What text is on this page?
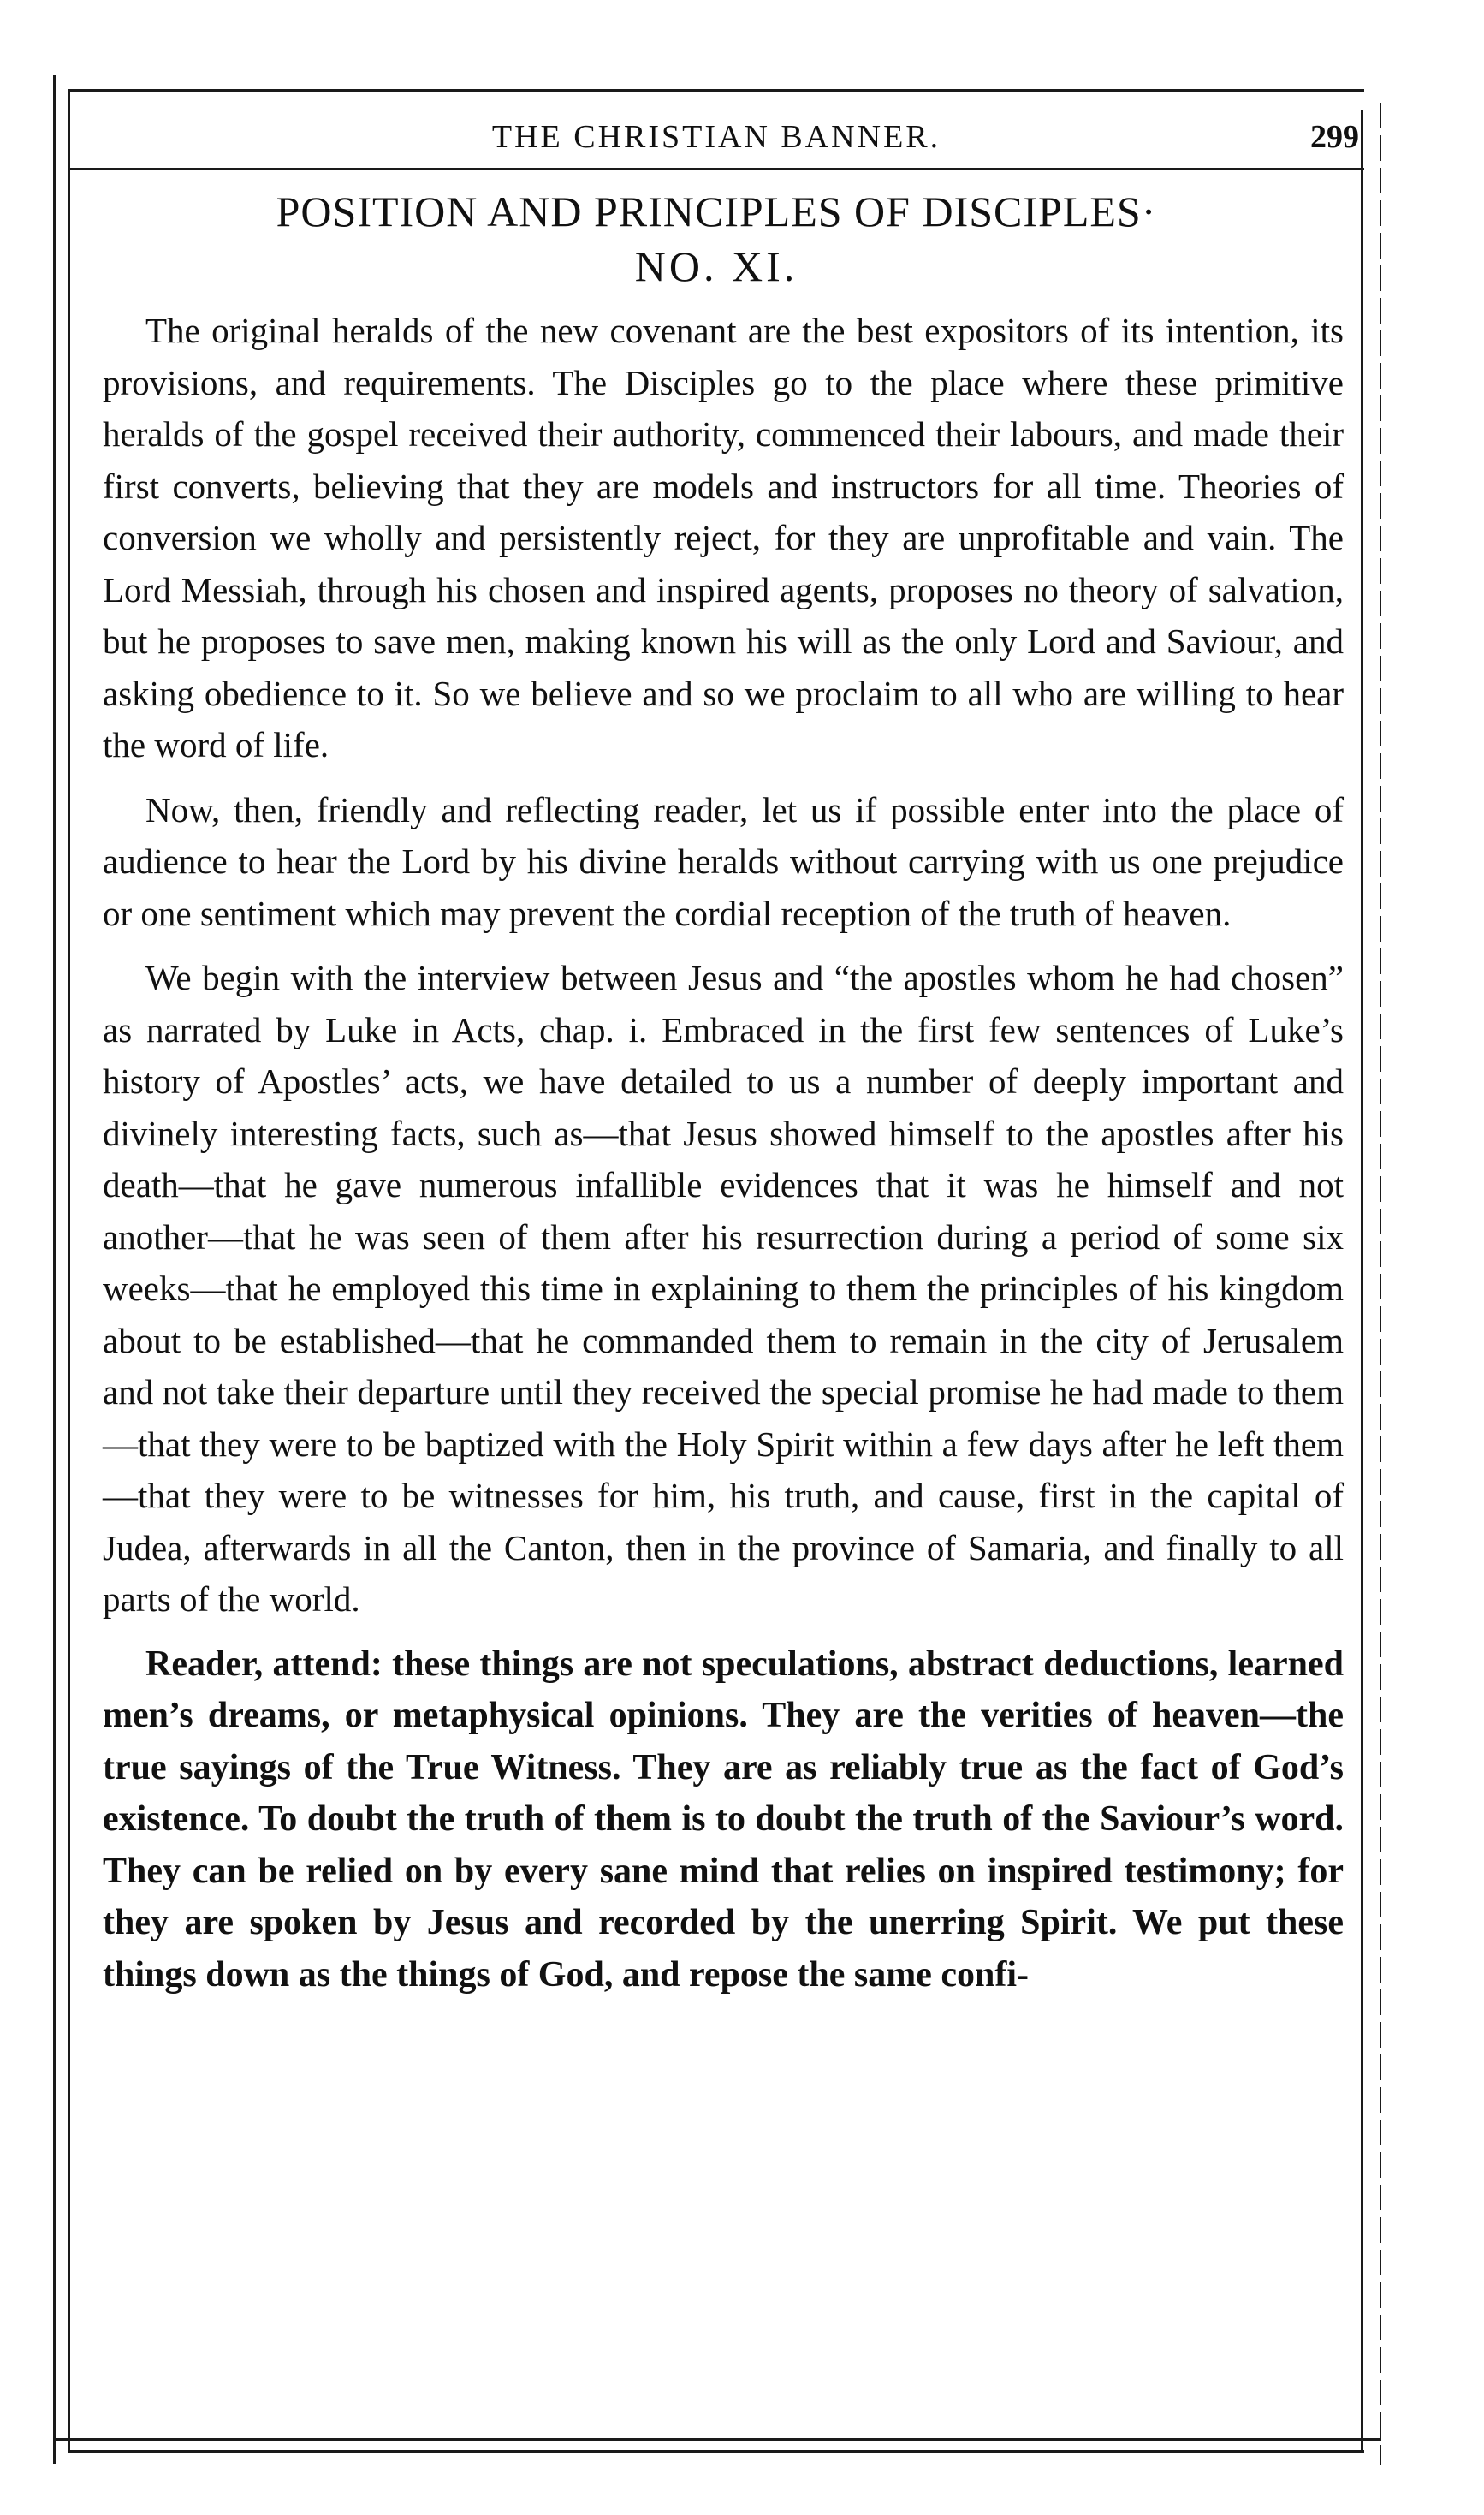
THE CHRISTIAN BANNER.	299
POSITION AND PRINCIPLES OF DISCIPLES·
NO. XI.

The original heralds of the new covenant are the best expositors of its intention, its provisions, and requirements. The Disciples go to the place where these primitive heralds of the gospel received their authority, commenced their labours, and made their first converts, believing that they are models and instructors for all time. Theories of conversion we wholly and persistently reject, for they are unprofitable and vain. The Lord Messiah, through his chosen and inspired agents, proposes no theory of salvation, but he proposes to save men, making known his will as the only Lord and Saviour, and asking obedience to it. So we believe and so we proclaim to all who are willing to hear the word of life.

Now, then, friendly and reflecting reader, let us if possible enter into the place of audience to hear the Lord by his divine heralds without carrying with us one prejudice or one sentiment which may prevent the cordial reception of the truth of heaven.

We begin with the interview between Jesus and “the apostles whom he had chosen” as narrated by Luke in Acts, chap. i. Embraced in the first few sentences of Luke’s history of Apostles’ acts, we have detailed to us a number of deeply important and divinely interesting facts, such as—that Jesus showed himself to the apostles after his death—that he gave numerous infallible evidences that it was he himself and not another—that he was seen of them after his resurrection during a period of some six weeks—that he employed this time in explaining to them the principles of his kingdom about to be established—that he commanded them to remain in the city of Jerusalem and not take their departure until they received the special promise he had made to them—that they were to be baptized with the Holy Spirit within a few days after he left them—that they were to be witnesses for him, his truth, and cause, first in the capital of Judea, afterwards in all the Canton, then in the province of Samaria, and finally to all parts of the world.

Reader, attend: these things are not speculations, abstract deductions, learned men’s dreams, or metaphysical opinions. They are the verities of heaven—the true sayings of the True Witness. They are as reliably true as the fact of God’s existence. To doubt the truth of them is to doubt the truth of the Saviour’s word. They can be relied on by every sane mind that relies on inspired testimony; for they are spoken by Jesus and recorded by the unerring Spirit. We put these things down as the things of God, and repose the same confi-
